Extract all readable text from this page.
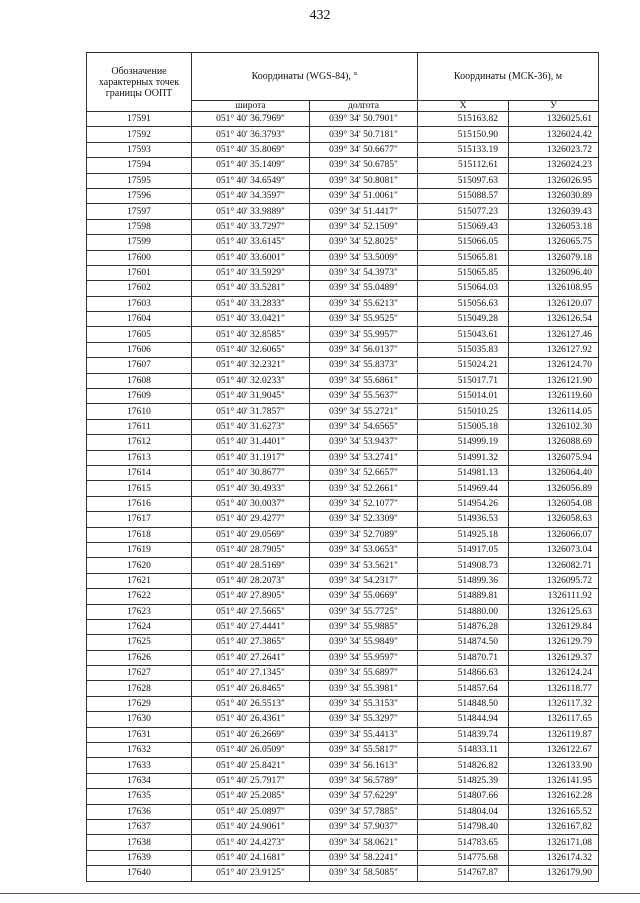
432
Обозначение характерных точек границы ООПТ	Координаты (WGS-84), °		Координаты (МСК-36), м	
	широта	долгота	X	У
17591	051° 40' 36.7969"	039° 34' 50.7901"	515163.82	1326025.61
17592	051° 40' 36.3793"	039° 34' 50.7181"	515150.90	1326024.42
17593	051° 40' 35.8069"	039° 34' 50.6677"	515133.19	1326023.72
17594	051° 40' 35.1409"	039° 34' 50.6785"	515112.61	1326024.23
17595	051° 40' 34.6549"	039° 34' 50.8081"	515097.63	1326026.95
17596	051° 40' 34.3597"	039° 34' 51.0061"	515088.57	1326030.89
17597	051° 40' 33.9889"	039° 34' 51.4417"	515077.23	1326039.43
17598	051° 40' 33.7297"	039° 34' 52.1509"	515069.43	1326053.18
17599	051° 40' 33.6145"	039° 34' 52.8025"	515066.05	1326065.75
17600	051° 40' 33.6001"	039° 34' 53.5009"	515065.81	1326079.18
17601	051° 40' 33.5929"	039° 34' 54.3973"	515065.85	1326096.40
17602	051° 40' 33.5281"	039° 34' 55.0489"	515064.03	1326108.95
17603	051° 40' 33.2833"	039° 34' 55.6213"	515056.63	1326120.07
17604	051° 40' 33.0421"	039° 34' 55.9525"	515049.28	1326126.54
17605	051° 40' 32.8585"	039° 34' 55.9957"	515043.61	1326127.46
17606	051° 40' 32.6065"	039° 34' 56.0137"	515035.83	1326127.92
17607	051° 40' 32.2321"	039° 34' 55.8373"	515024.21	1326124.70
17608	051° 40' 32.0233"	039° 34' 55.6861"	515017.71	1326121.90
17609	051° 40' 31.9045"	039° 34' 55.5637"	515014.01	1326119.60
17610	051° 40' 31.7857"	039° 34' 55.2721"	515010.25	1326114.05
17611	051° 40' 31.6273"	039° 34' 54.6565"	515005.18	1326102.30
17612	051° 40' 31.4401"	039° 34' 53.9437"	514999.19	1326088.69
17613	051° 40' 31.1917"	039° 34' 53.2741"	514991.32	1326075.94
17614	051° 40' 30.8677"	039° 34' 52.6657"	514981.13	1326064.40
17615	051° 40' 30.4933"	039° 34' 52.2661"	514969.44	1326056.89
17616	051° 40' 30.0037"	039° 34' 52.1077"	514954.26	1326054.08
17617	051° 40' 29.4277"	039° 34' 52.3309"	514936.53	1326058.63
17618	051° 40' 29.0569"	039° 34' 52.7089"	514925.18	1326066.07
17619	051° 40' 28.7905"	039° 34' 53.0653"	514917.05	1326073.04
17620	051° 40' 28.5169"	039° 34' 53.5621"	514908.73	1326082.71
17621	051° 40' 28.2073"	039° 34' 54.2317"	514899.36	1326095.72
17622	051° 40' 27.8905"	039° 34' 55.0669"	514889.81	1326111.92
17623	051° 40' 27.5665"	039° 34' 55.7725"	514880.00	1326125.63
17624	051° 40' 27.4441"	039° 34' 55.9885"	514876.28	1326129.84
17625	051° 40' 27.3865"	039° 34' 55.9849"	514874.50	1326129.79
17626	051° 40' 27.2641"	039° 34' 55.9597"	514870.71	1326129.37
17627	051° 40' 27.1345"	039° 34' 55.6897"	514866.63	1326124.24
17628	051° 40' 26.8465"	039° 34' 55.3981"	514857.64	1326118.77
17629	051° 40' 26.5513"	039° 34' 55.3153"	514848.50	1326117.32
17630	051° 40' 26.4361"	039° 34' 55.3297"	514844.94	1326117.65
17631	051° 40' 26.2669"	039° 34' 55.4413"	514839.74	1326119.87
17632	051° 40' 26.0509"	039° 34' 55.5817"	514833.11	1326122.67
17633	051° 40' 25.8421"	039° 34' 56.1613"	514826.82	1326133.90
17634	051° 40' 25.7917"	039° 34' 56.5789"	514825.39	1326141.95
17635	051° 40' 25.2085"	039° 34' 57.6229"	514807.66	1326162.28
17636	051° 40' 25.0897"	039° 34' 57.7885"	514804.04	1326165.52
17637	051° 40' 24.9061"	039° 34' 57.9037"	514798.40	1326167.82
17638	051° 40' 24.4273"	039° 34' 58.0621"	514783.65	1326171.08
17639	051° 40' 24.1681"	039° 34' 58.2241"	514775.68	1326174.32
17640	051° 40' 23.9125"	039° 34' 58.5085"	514767.87	1326179.90
